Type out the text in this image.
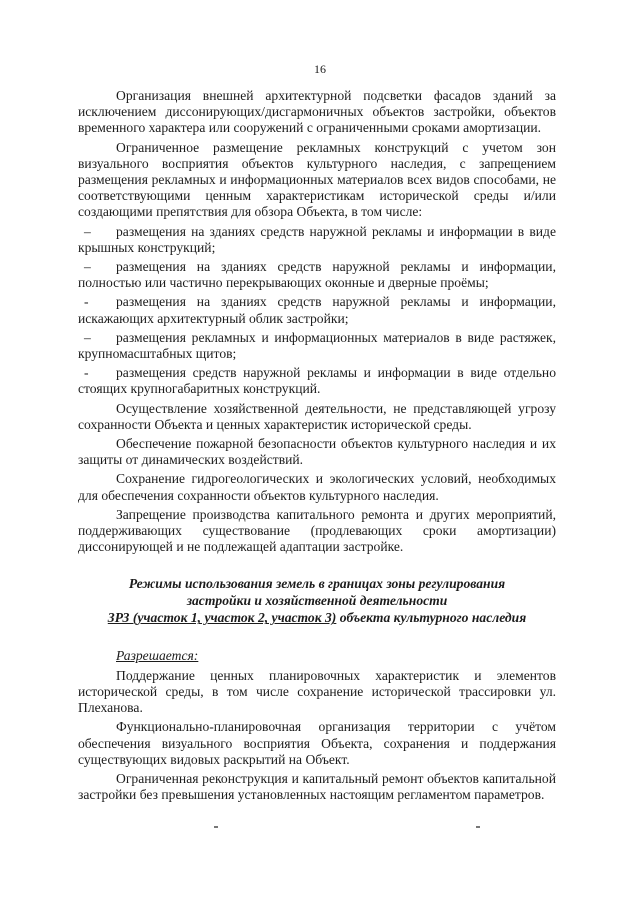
16

Организация внешней архитектурной подсветки фасадов зданий за исключением диссонирующих/дисгармоничных объектов застройки, объектов временного характера или сооружений с ограниченными сроками амортизации.

Ограниченное размещение рекламных конструкций с учетом зон визуального восприятия объектов культурного наследия, с запрещением размещения рекламных и информационных материалов всех видов способами, не соответствующими ценным характеристикам исторической среды и/или создающими препятствия для обзора Объекта, в том числе:

– размещения на зданиях средств наружной рекламы и информации в виде крышных конструкций;

– размещения на зданиях средств наружной рекламы и информации, полностью или частично перекрывающих оконные и дверные проёмы;

- размещения на зданиях средств наружной рекламы и информации, искажающих архитектурный облик застройки;

– размещения рекламных и информационных материалов в виде растяжек, крупномасштабных щитов;

- размещения средств наружной рекламы и информации в виде отдельно стоящих крупногабаритных конструкций.

Осуществление хозяйственной деятельности, не представляющей угрозу сохранности Объекта и ценных характеристик исторической среды.

Обеспечение пожарной безопасности объектов культурного наследия и их защиты от динамических воздействий.

Сохранение гидрогеологических и экологических условий, необходимых для обеспечения сохранности объектов культурного наследия.

Запрещение производства капитального ремонта и других мероприятий, поддерживающих существование (продлевающих сроки амортизации) диссонирующей и не подлежащей адаптации застройке.

Режимы использования земель в границах зоны регулирования
застройки и хозяйственной деятельности
ЗРЗ (участок 1, участок 2, участок 3) объекта культурного наследия
Разрешается:

Поддержание ценных планировочных характеристик и элементов исторической среды, в том числе сохранение исторической трассировки ул. Плеханова.

Функционально-планировочная организация территории с учётом обеспечения визуального восприятия Объекта, сохранения и поддержания существующих видовых раскрытий на Объект.

Ограниченная реконструкция и капитальный ремонт объектов капитальной застройки без превышения установленных настоящим регламентом параметров.
